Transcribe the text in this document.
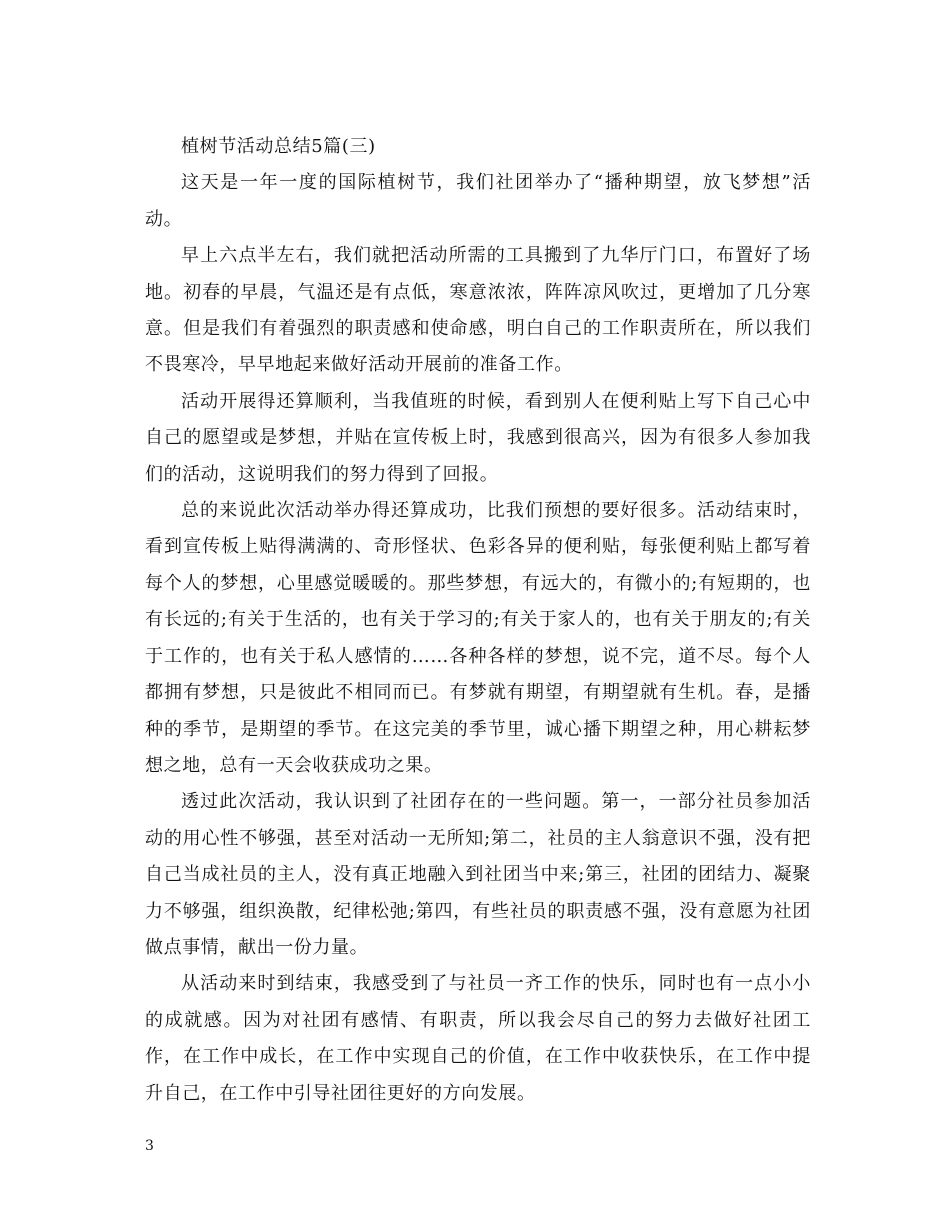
植树节活动总结5篇(三)

这天是一年一度的国际植树节，我们社团举办了“播种期望，放飞梦想”活动。

早上六点半左右，我们就把活动所需的工具搬到了九华厅门口，布置好了场地。初春的早晨，气温还是有点低，寒意浓浓，阵阵凉风吹过，更增加了几分寒意。但是我们有着强烈的职责感和使命感，明白自己的工作职责所在，所以我们不畏寒冷，早早地起来做好活动开展前的准备工作。

活动开展得还算顺利，当我值班的时候，看到别人在便利贴上写下自己心中自己的愿望或是梦想，并贴在宣传板上时，我感到很高兴，因为有很多人参加我们的活动，这说明我们的努力得到了回报。

总的来说此次活动举办得还算成功，比我们预想的要好很多。活动结束时，看到宣传板上贴得满满的、奇形怪状、色彩各异的便利贴，每张便利贴上都写着每个人的梦想，心里感觉暖暖的。那些梦想，有远大的，有微小的;有短期的，也有长远的;有关于生活的，也有关于学习的;有关于家人的，也有关于朋友的;有关于工作的，也有关于私人感情的……各种各样的梦想，说不完，道不尽。每个人都拥有梦想，只是彼此不相同而已。有梦就有期望，有期望就有生机。春，是播种的季节，是期望的季节。在这完美的季节里，诚心播下期望之种，用心耕耘梦想之地，总有一天会收获成功之果。

透过此次活动，我认识到了社团存在的一些问题。第一，一部分社员参加活动的用心性不够强，甚至对活动一无所知;第二，社员的主人翁意识不强，没有把自己当成社员的主人，没有真正地融入到社团当中来;第三，社团的团结力、凝聚力不够强，组织涣散，纪律松弛;第四，有些社员的职责感不强，没有意愿为社团做点事情，献出一份力量。

从活动来时到结束，我感受到了与社员一齐工作的快乐，同时也有一点小小的成就感。因为对社团有感情、有职责，所以我会尽自己的努力去做好社团工作，在工作中成长，在工作中实现自己的价值，在工作中收获快乐，在工作中提升自己，在工作中引导社团往更好的方向发展。

3
